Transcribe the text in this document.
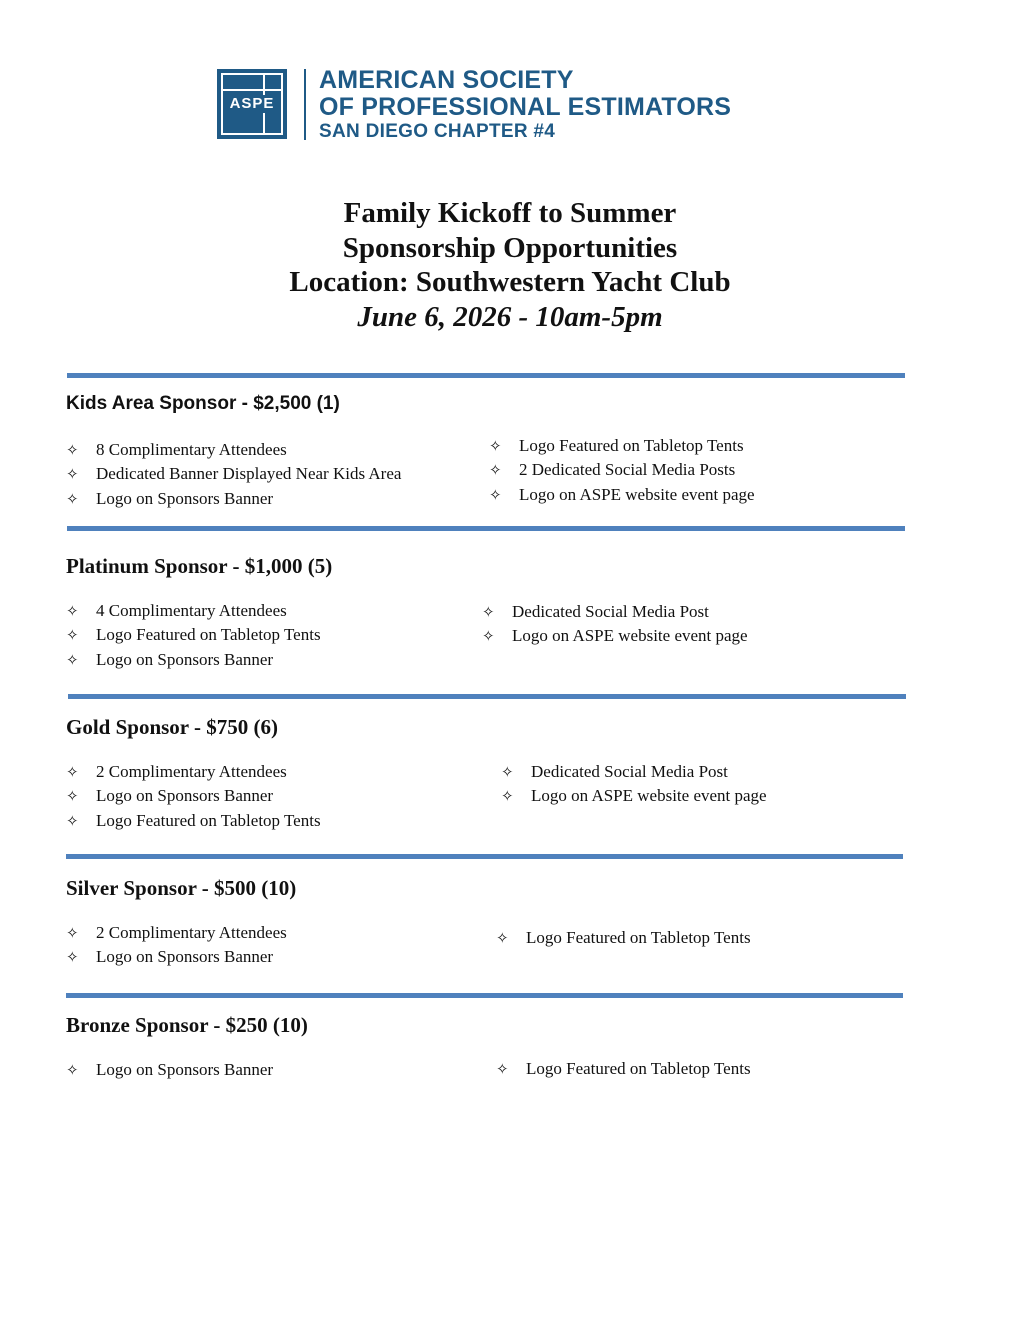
ASPE
AMERICAN SOCIETY
OF PROFESSIONAL ESTIMATORS
SAN DIEGO CHAPTER #4
Family Kickoff to Summer
Sponsorship Opportunities
Location: Southwestern Yacht Club
June 6, 2026 - 10am-5pm
Kids Area Sponsor - $2,500 (1)
✧ 8 Complimentary Attendees
✧ Dedicated Banner Displayed Near Kids Area
✧ Logo on Sponsors Banner
✧ Logo Featured on Tabletop Tents
✧ 2 Dedicated Social Media Posts
✧ Logo on ASPE website event page
Platinum Sponsor - $1,000 (5)
✧ 4 Complimentary Attendees
✧ Logo Featured on Tabletop Tents
✧ Logo on Sponsors Banner
✧ Dedicated Social Media Post
✧ Logo on ASPE website event page
Gold Sponsor - $750 (6)
✧ 2 Complimentary Attendees
✧ Logo on Sponsors Banner
✧ Logo Featured on Tabletop Tents
✧ Dedicated Social Media Post
✧ Logo on ASPE website event page
Silver Sponsor - $500 (10)
✧ 2 Complimentary Attendees
✧ Logo on Sponsors Banner
✧ Logo Featured on Tabletop Tents
Bronze Sponsor - $250 (10)
✧ Logo on Sponsors Banner	✧ Logo Featured on Tabletop Tents
